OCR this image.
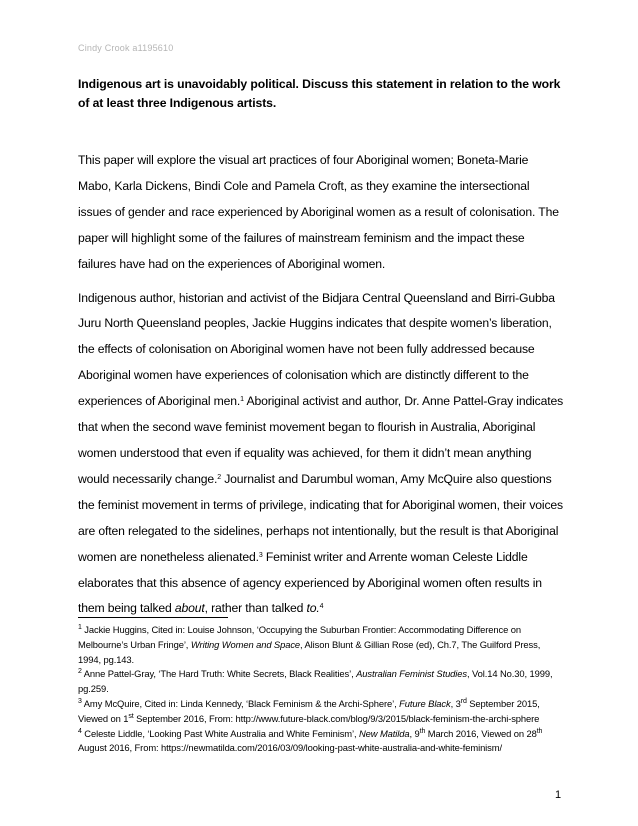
Cindy Crook a1195610
Indigenous art is unavoidably political. Discuss this statement in relation to the work of at least three Indigenous artists.

This paper will explore the visual art practices of four Aboriginal women; Boneta-Marie Mabo, Karla Dickens, Bindi Cole and Pamela Croft, as they examine the intersectional issues of gender and race experienced by Aboriginal women as a result of colonisation. The paper will highlight some of the failures of mainstream feminism and the impact these failures have had on the experiences of Aboriginal women.

Indigenous author, historian and activist of the Bidjara Central Queensland and Birri-Gubba Juru North Queensland peoples, Jackie Huggins indicates that despite women’s liberation, the effects of colonisation on Aboriginal women have not been fully addressed because Aboriginal women have experiences of colonisation which are distinctly different to the experiences of Aboriginal men.$^1$ Aboriginal activist and author, Dr. Anne Pattel-Gray indicates that when the second wave feminist movement began to flourish in Australia, Aboriginal women understood that even if equality was achieved, for them it didn’t mean anything would necessarily change.$^2$ Journalist and Darumbul woman, Amy McQuire also questions the feminist movement in terms of privilege, indicating that for Aboriginal women, their voices are often relegated to the sidelines, perhaps not intentionally, but the result is that Aboriginal women are nonetheless alienated.$^3$ Feminist writer and Arrente woman Celeste Liddle elaborates that this absence of agency experienced by Aboriginal women often results in them being talked about, rather than talked to.$^4$

$^1$ Jackie Huggins, Cited in: Louise Johnson, ‘Occupying the Suburban Frontier: Accommodating Difference on Melbourne’s Urban Fringe’, Writing Women and Space, Alison Blunt & Gillian Rose (ed), Ch.7, The Guilford Press, 1994, pg.143.
$^2$ Anne Pattel-Gray, ‘The Hard Truth: White Secrets, Black Realities’, Australian Feminist Studies, Vol.14 No.30, 1999, pg.259.
$^3$ Amy McQuire, Cited in: Linda Kennedy, ‘Black Feminism & the Archi-Sphere’, Future Black, 3rd September 2015, Viewed on 1st September 2016, From: http://www.future-black.com/blog/9/3/2015/black-feminism-the-archi-sphere
$^4$ Celeste Liddle, ‘Looking Past White Australia and White Feminism’, New Matilda, 9th March 2016, Viewed on 28th August 2016, From: https://newmatilda.com/2016/03/09/looking-past-white-australia-and-white-feminism/
1
